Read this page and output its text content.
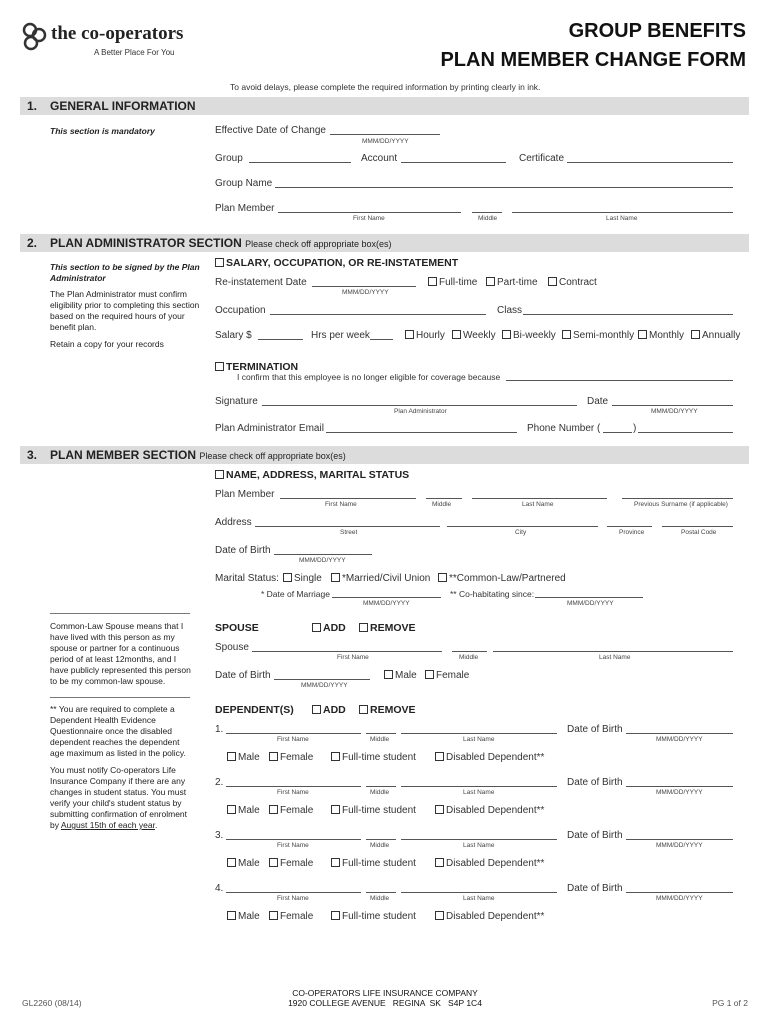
the co-operators
A Better Place For You
GROUP BENEFITS
PLAN MEMBER CHANGE FORM
To avoid delays, please complete the required information by printing clearly in ink.
1. GENERAL INFORMATION
This section is mandatory	Effective Date of Change
MMM/DD/YYYY
Group	Account	Certificate
Group Name
Plan Member
First Name	Middle	Last Name
2. PLAN ADMINISTRATOR SECTION Please check off appropriate box(es)
This section to be signed by the Plan Administrator
The Plan Administrator must confirm eligibility prior to completing this section based on the required hours of your benefit plan.
Retain a copy for your records
SALARY, OCCUPATION, OR RE-INSTATEMENT
Re-instatement Date
MMM/DD/YYYY
Full-time	Part-time	Contract
Occupation	Class
Salary $	Hrs per week	Hourly	Weekly	Bi-weekly	Semi-monthly	Monthly	Annually
TERMINATION
I confirm that this employee is no longer eligible for coverage because
Signature
Plan Administrator
Date
MMM/DD/YYYY
Plan Administrator Email	Phone Number (	)
3. PLAN MEMBER SECTION Please check off appropriate box(es)
NAME, ADDRESS, MARITAL STATUS
Plan Member
First Name	Middle	Last Name	Previous Surname (if applicable)
Address
Street	City	Province	Postal Code
Date of Birth
MMM/DD/YYYY
Marital Status:	Single	*Married/Civil Union	**Common-Law/Partnered
* Date of Marriage
MMM/DD/YYYY
** Co-habitating since:
MMM/DD/YYYY
Common-Law Spouse means that I have lived with this person as my spouse or partner for a continuous period of at least 12months, and I have publicly represented this person to be my common-law spouse.
SPOUSE	ADD	REMOVE
Spouse
First Name	Middle	Last Name
Date of Birth
MMM/DD/YYYY
Male	Female
** You are required to complete a Dependent Health Evidence Questionnaire once the disabled dependent reaches the dependent age maximum as listed in the policy.
You must notify Co-operators Life Insurance Company if there are any changes in student status. You must verify your child's student status by submitting confirmation of enrolment by August 15th of each year.
DEPENDENT(S)	ADD	REMOVE
1.
First Name	Middle	Last Name
Date of Birth
MMM/DD/YYYY
Male	Female	Full-time student	Disabled Dependent**
2.
First Name	Middle	Last Name
Date of Birth
MMM/DD/YYYY
Male	Female	Full-time student	Disabled Dependent**
3.
First Name	Middle	Last Name
Date of Birth
MMM/DD/YYYY
Male	Female	Full-time student	Disabled Dependent**
4.
First Name	Middle	Last Name
Date of Birth
MMM/DD/YYYY
Male	Female	Full-time student	Disabled Dependent**
GL2260 (08/14)
CO-OPERATORS LIFE INSURANCE COMPANY
1920 COLLEGE AVENUE   REGINA  SK   S4P 1C4	PG 1 of 2
